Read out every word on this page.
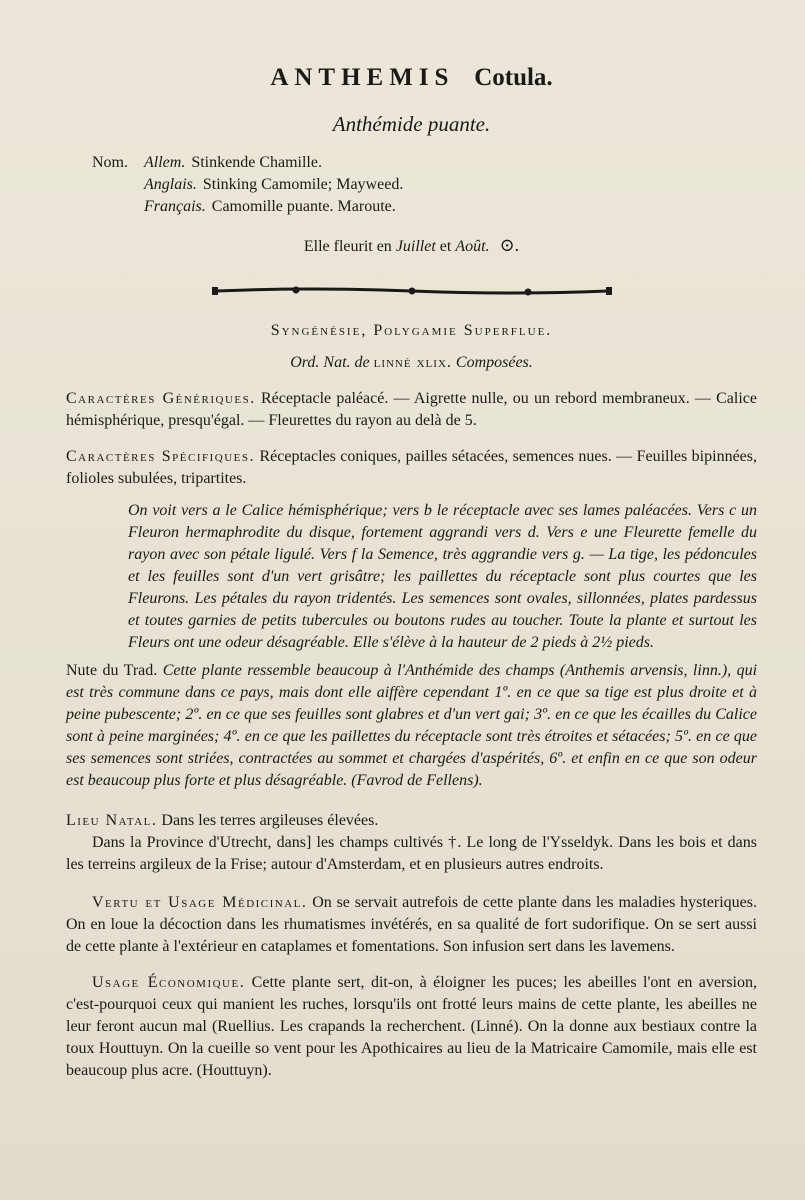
ANTHEMIS Cotula.
Anthémide puante.
Nom.	Allem. Stinkende Chamille.
Anglais. Stinking Camomile; Mayweed.
Français. Camomille puante. Maroute.
Elle fleurit en Juillet et Août. ⊙.
Syngénésie, Polygamie Superflue.
Ord. Nat. de linné xlix. Composées.

Caractères Génériques. Réceptacle paléacé. — Aigrette nulle, ou un rebord membraneux. — Calice hémisphérique, presqu'égal. — Fleurettes du rayon au delà de 5.

Caractères Spécifiques. Réceptacles coniques, pailles sétacées, semences nues. — Feuilles bipinnées, folioles subulées, tripartites.

On voit vers a le Calice hémisphérique; vers b le réceptacle avec ses lames paléacées. Vers c un Fleuron hermaphrodite du disque, fortement aggrandi vers d. Vers e une Fleurette femelle du rayon avec son pétale ligulé. Vers f la Semence, très aggrandie vers g. — La tige, les pédoncules et les feuilles sont d'un vert grisâtre; les paillettes du réceptacle sont plus courtes que les Fleurons. Les pétales du rayon tridentés. Les semences sont ovales, sillonnées, plates pardessus et toutes garnies de petits tubercules ou boutons rudes au toucher. Toute la plante et surtout les Fleurs ont une odeur désagréable. Elle s'élève à la hauteur de 2 pieds à 2½ pieds.

Nute du Trad. Cette plante ressemble beaucoup à l'Anthémide des champs (Anthemis arvensis, linn.), qui est très commune dans ce pays, mais dont elle aiffère cependant 1º. en ce que sa tige est plus droite et à peine pubescente; 2º. en ce que ses feuilles sont glabres et d'un vert gai; 3º. en ce que les écailles du Calice sont à peine marginées; 4º. en ce que les paillettes du réceptacle sont très étroites et sétacées; 5º. en ce que ses semences sont striées, contractées au sommet et chargées d'aspérités, 6º. et enfin en ce que son odeur est beaucoup plus forte et plus désagréable. (Favrod de Fellens).

Lieu Natal. Dans les terres argileuses élevées.

Dans la Province d'Utrecht, dans] les champs cultivés †. Le long de l'Ysseldyk. Dans les bois et dans les terreins argileux de la Frise; autour d'Amsterdam, et en plusieurs autres endroits.

Vertu et Usage Médicinal. On se servait autrefois de cette plante dans les maladies hysteriques. On en loue la décoction dans les rhumatismes invétérés, en sa qualité de fort sudorifique. On se sert aussi de cette plante à l'extérieur en cataplames et fomentations. Son infusion sert dans les lavemens.

Usage Économique. Cette plante sert, dit-on, à éloigner les puces; les abeilles l'ont en aversion, c'est-pourquoi ceux qui manient les ruches, lorsqu'ils ont frotté leurs mains de cette plante, les abeilles ne leur feront aucun mal (Ruellius. Les crapands la recherchent. (Linné). On la donne aux bestiaux contre la toux Houttuyn. On la cueille so vent pour les Apothicaires au lieu de la Matricaire Camomile, mais elle est beaucoup plus acre. (Houttuyn).
